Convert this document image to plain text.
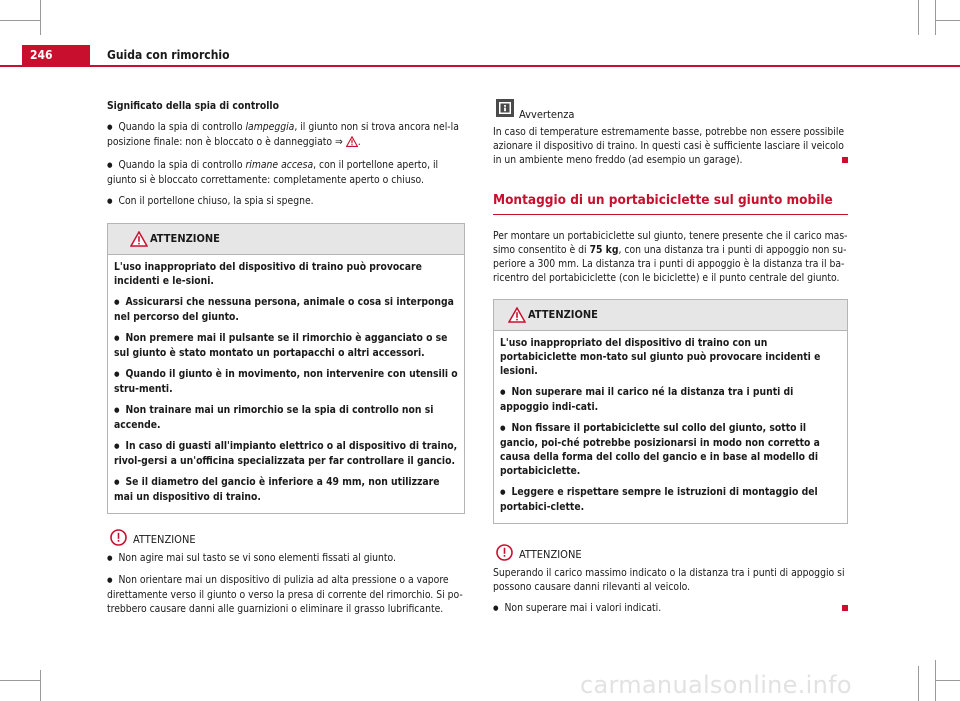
246	Guida con rimorchio

Significato della spia di controllo

● Quando la spia di controllo lampeggia, il giunto non si trova ancora nel-la posizione finale: non è bloccato o è danneggiato ⇒ .

● Quando la spia di controllo rimane accesa, con il portellone aperto, il giunto si è bloccato correttamente: completamente aperto o chiuso.

● Con il portellone chiuso, la spia si spegne.

ATTENZIONE

L'uso inappropriato del dispositivo di traino può provocare incidenti e le-sioni.

● Assicurarsi che nessuna persona, animale o cosa si interponga nel percorso del giunto.

● Non premere mai il pulsante se il rimorchio è agganciato o se sul giunto è stato montato un portapacchi o altri accessori.

● Quando il giunto è in movimento, non intervenire con utensili o stru-menti.

● Non trainare mai un rimorchio se la spia di controllo non si accende.

● In caso di guasti all'impianto elettrico o al dispositivo di traino, rivol-gersi a un'officina specializzata per far controllare il gancio.

● Se il diametro del gancio è inferiore a 49 mm, non utilizzare mai un dispositivo di traino.

ATTENZIONE

● Non agire mai sul tasto se vi sono elementi fissati al giunto.

● Non orientare mai un dispositivo di pulizia ad alta pressione o a vapore direttamente verso il giunto o verso la presa di corrente del rimorchio. Si po-trebbero causare danni alle guarnizioni o eliminare il grasso lubrificante.

Avvertenza

In caso di temperature estremamente basse, potrebbe non essere possibile azionare il dispositivo di traino. In questi casi è sufficiente lasciare il veicolo in un ambiente meno freddo (ad esempio un garage).

Montaggio di un portabiciclette sul giunto mobile

Per montare un portabiciclette sul giunto, tenere presente che il carico mas-simo consentito è di 75 kg, con una distanza tra i punti di appoggio non su-periore a 300 mm. La distanza tra i punti di appoggio è la distanza tra il ba-ricentro del portabiciclette (con le biciclette) e il punto centrale del giunto.

ATTENZIONE

L'uso inappropriato del dispositivo di traino con un portabiciclette mon-tato sul giunto può provocare incidenti e lesioni.

● Non superare mai il carico né la distanza tra i punti di appoggio indi-cati.

● Non fissare il portabiciclette sul collo del giunto, sotto il gancio, poi-ché potrebbe posizionarsi in modo non corretto a causa della forma del collo del gancio e in base al modello di portabiciclette.

● Leggere e rispettare sempre le istruzioni di montaggio del portabici-clette.

ATTENZIONE

Superando il carico massimo indicato o la distanza tra i punti di appoggio si possono causare danni rilevanti al veicolo.

● Non superare mai i valori indicati.

carmanualsonline.info
